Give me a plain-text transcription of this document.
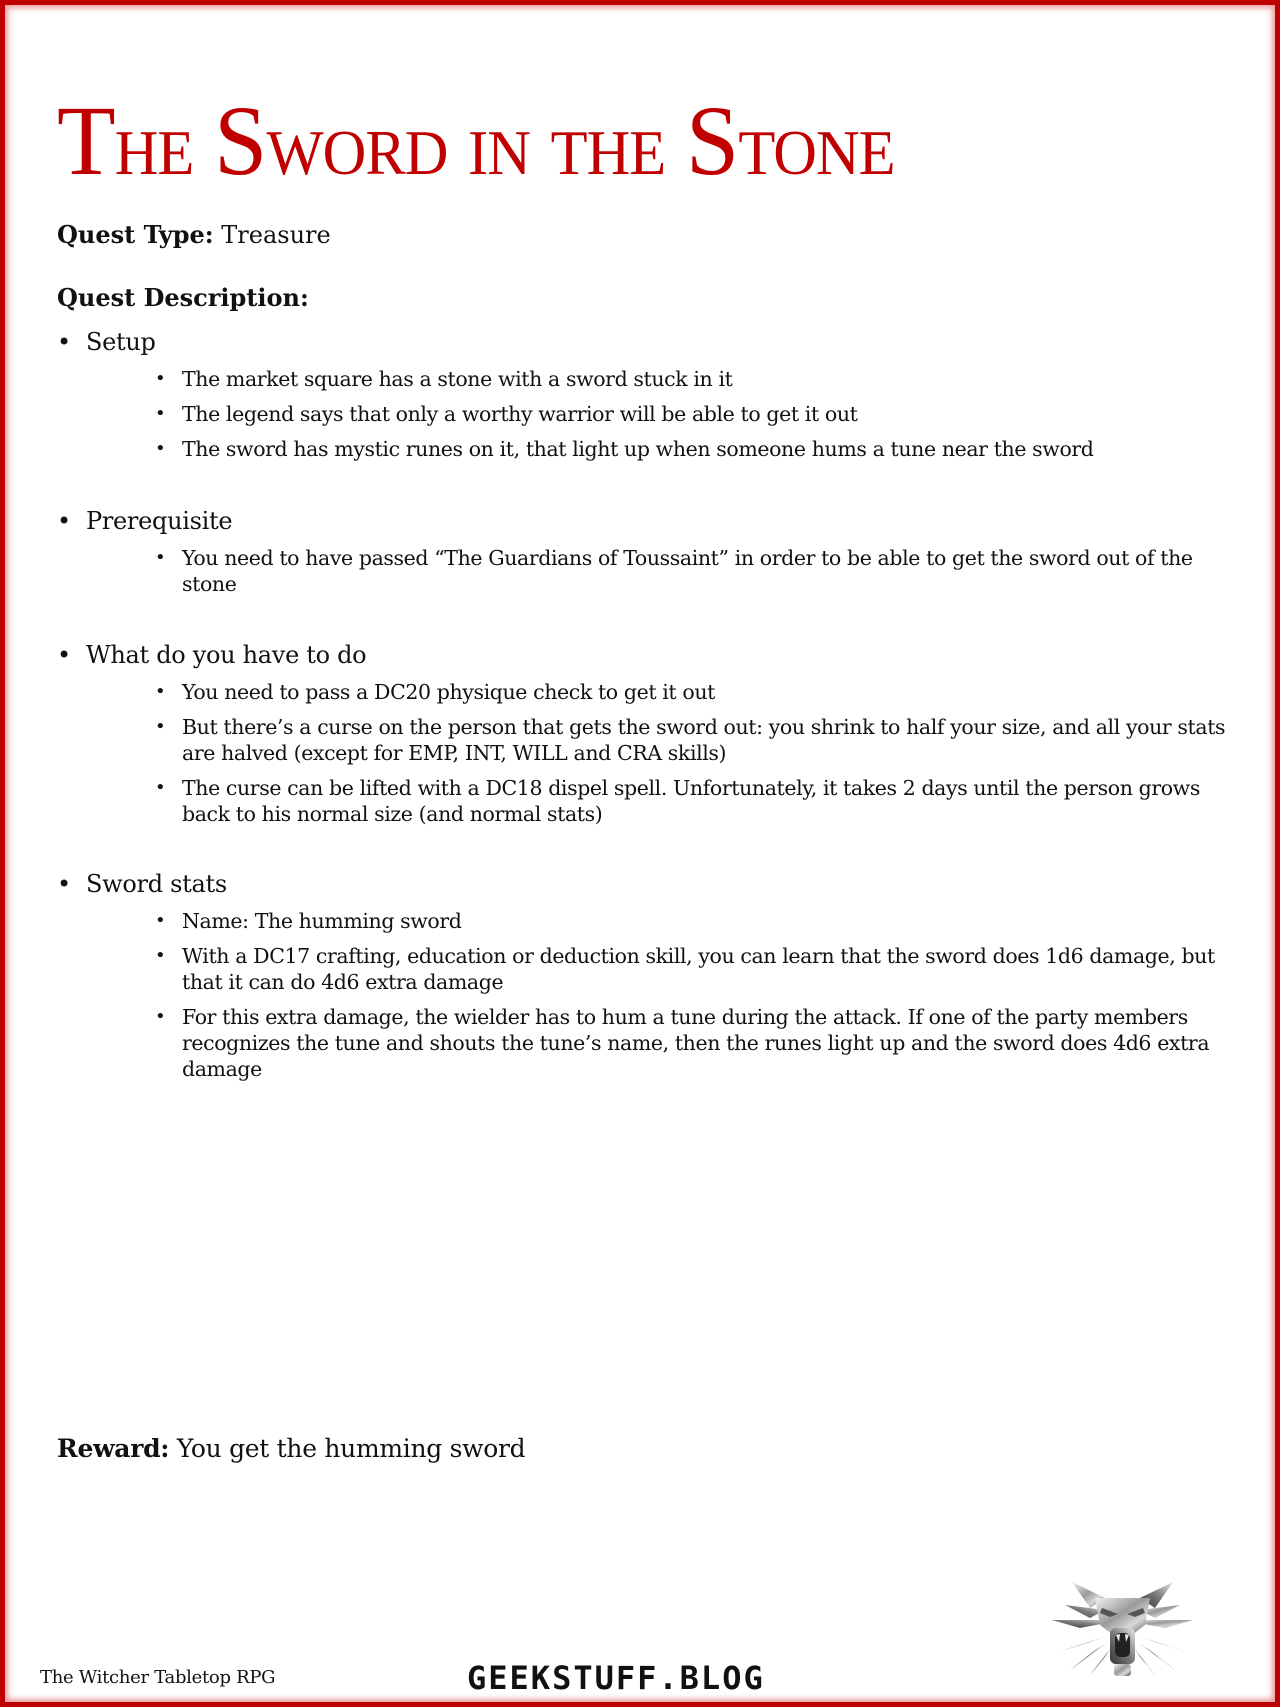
The Sword in the Stone
Quest Type: Treasure
Quest Description:
• Setup
• The market square has a stone with a sword stuck in it
• The legend says that only a worthy warrior will be able to get it out
• The sword has mystic runes on it, that light up when someone hums a tune near the sword
• Prerequisite
• You need to have passed “The Guardians of Toussaint” in order to be able to get the sword out of the stone
• What do you have to do
• You need to pass a DC20 physique check to get it out
• But there’s a curse on the person that gets the sword out: you shrink to half your size, and all your stats are halved (except for EMP, INT, WILL and CRA skills)
• The curse can be lifted with a DC18 dispel spell. Unfortunately, it takes 2 days until the person grows back to his normal size (and normal stats)
• Sword stats
• Name: The humming sword
• With a DC17 crafting, education or deduction skill, you can learn that the sword does 1d6 damage, but that it can do 4d6 extra damage
• For this extra damage, the wielder has to hum a tune during the attack. If one of the party members recognizes the tune and shouts the tune’s name, then the runes light up and the sword does 4d6 extra damage
Reward: You get the humming sword
The Witcher Tabletop RPG	GEEKSTUFF.BLOG
